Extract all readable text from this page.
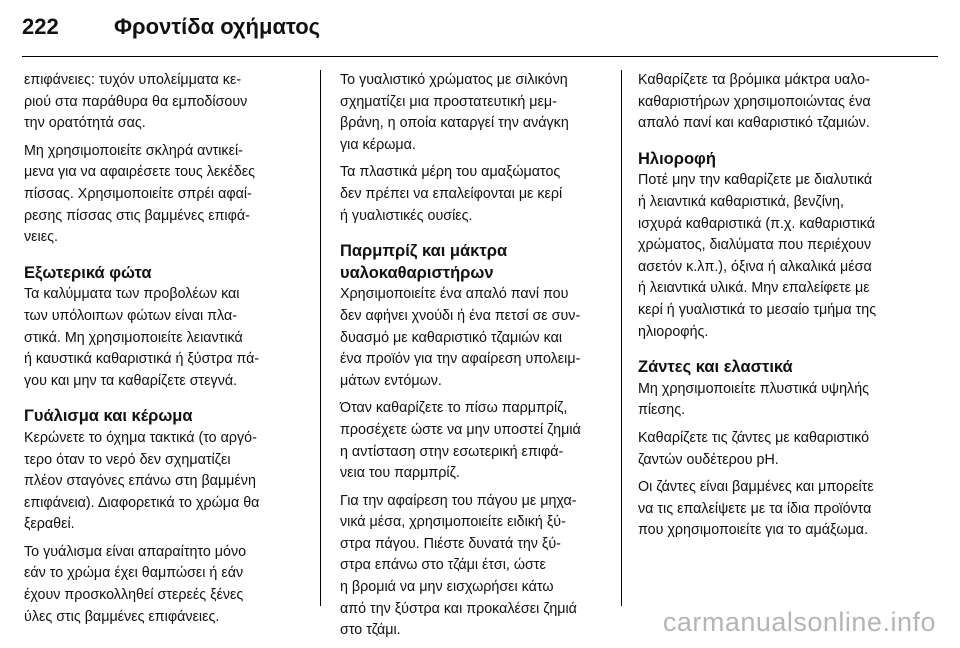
222	Φροντίδα οχήματος

επιφάνειες: τυχόν υπολείμματα κε-
ριού στα παράθυρα θα εμποδίσουν
την ορατότητά σας.

Μη χρησιμοποιείτε σκληρά αντικεί-
μενα για να αφαιρέσετε τους λεκέδες
πίσσας. Χρησιμοποιείτε σπρέι αφαί-
ρεσης πίσσας στις βαμμένες επιφά-
νειες.

Εξωτερικά φώτα

Τα καλύμματα των προβολέων και
των υπόλοιπων φώτων είναι πλα-
στικά. Μη χρησιμοποιείτε λειαντικά
ή καυστικά καθαριστικά ή ξύστρα πά-
γου και μην τα καθαρίζετε στεγνά.

Γυάλισμα και κέρωμα

Κερώνετε το όχημα τακτικά (το αργό-
τερο όταν το νερό δεν σχηματίζει
πλέον σταγόνες επάνω στη βαμμένη
επιφάνεια). Διαφορετικά το χρώμα θα
ξεραθεί.

Το γυάλισμα είναι απαραίτητο μόνο
εάν το χρώμα έχει θαμπώσει ή εάν
έχουν προσκολληθεί στερεές ξένες
ύλες στις βαμμένες επιφάνειες.

Το γυαλιστικό χρώματος με σιλικόνη
σχηματίζει μια προστατευτική μεμ-
βράνη, η οποία καταργεί την ανάγκη
για κέρωμα.

Τα πλαστικά μέρη του αμαξώματος
δεν πρέπει να επαλείφονται με κερί
ή γυαλιστικές ουσίες.

Παρμπρίζ και μάκτρα
υαλοκαθαριστήρων

Χρησιμοποιείτε ένα απαλό πανί που
δεν αφήνει χνούδι ή ένα πετσί σε συν-
δυασμό με καθαριστικό τζαμιών και
ένα προϊόν για την αφαίρεση υπολειμ-
μάτων εντόμων.

Όταν καθαρίζετε το πίσω παρμπρίζ,
προσέχετε ώστε να μην υποστεί ζημιά
η αντίσταση στην εσωτερική επιφά-
νεια του παρμπρίζ.

Για την αφαίρεση του πάγου με μηχα-
νικά μέσα, χρησιμοποιείτε ειδική ξύ-
στρα πάγου. Πιέστε δυνατά την ξύ-
στρα επάνω στο τζάμι έτσι, ώστε
η βρομιά να μην εισχωρήσει κάτω
από την ξύστρα και προκαλέσει ζημιά
στο τζάμι.

Καθαρίζετε τα βρόμικα μάκτρα υαλο-
καθαριστήρων χρησιμοποιώντας ένα
απαλό πανί και καθαριστικό τζαμιών.

Ηλιοροφή

Ποτέ μην την καθαρίζετε με διαλυτικά
ή λειαντικά καθαριστικά, βενζίνη,
ισχυρά καθαριστικά (π.χ. καθαριστικά
χρώματος, διαλύματα που περιέχουν
ασετόν κ.λπ.), όξινα ή αλκαλικά μέσα
ή λειαντικά υλικά. Μην επαλείφετε με
κερί ή γυαλιστικά το μεσαίο τμήμα της
ηλιοροφής.

Ζάντες και ελαστικά

Μη χρησιμοποιείτε πλυστικά υψηλής
πίεσης.

Καθαρίζετε τις ζάντες με καθαριστικό
ζαντών ουδέτερου pH.

Οι ζάντες είναι βαμμένες και μπορείτε
να τις επαλείψετε με τα ίδια προϊόντα
που χρησιμοποιείτε για το αμάξωμα.

carmanualsonline.info
